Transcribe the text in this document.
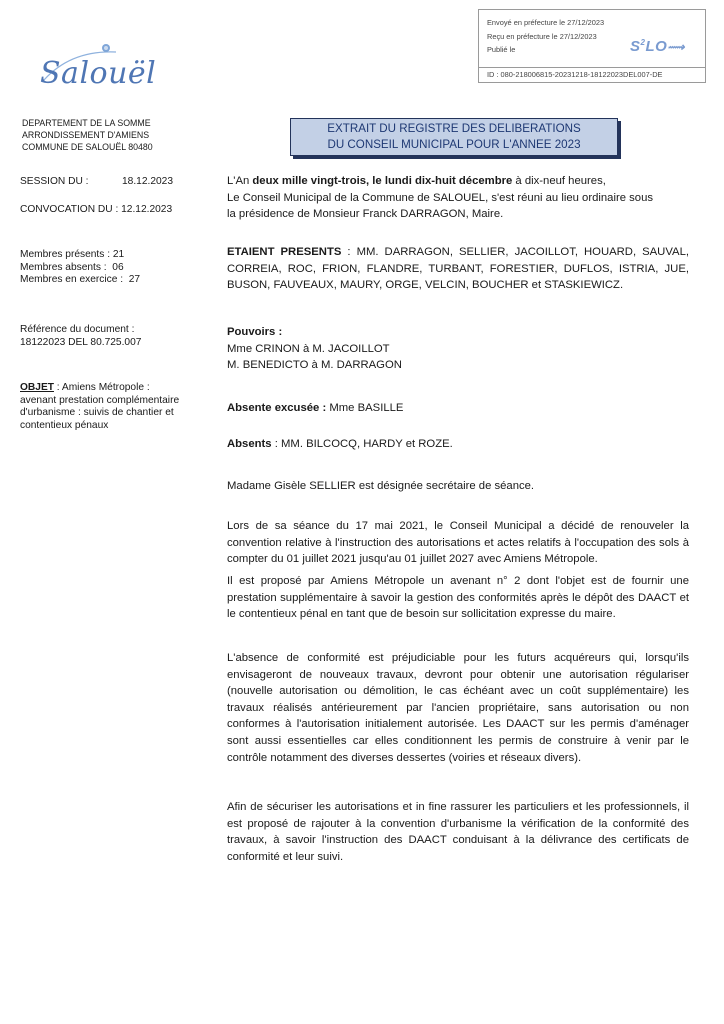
Envoyé en préfecture le 27/12/2023
Reçu en préfecture le 27/12/2023
Publié le
ID : 080-218006815-20231218-18122023DEL007-DE
$S^2LO⟿$
Salouël
DEPARTEMENT DE LA SOMME
ARRONDISSEMENT D'AMIENS
COMMUNE DE SALOUËL 80480
EXTRAIT DU REGISTRE DES DELIBERATIONS
DU CONSEIL MUNICIPAL POUR L'ANNEE 2023
SESSION DU :	18.12.2023
CONVOCATION DU : 12.12.2023
Membres présents : 21
Membres absents :  06
Membres en exercice :  27
Référence du document :
18122023 DEL 80.725.007
OBJET : Amiens Métropole : avenant prestation complémentaire d'urbanisme : suivis de chantier et contentieux pénaux
L'An deux mille vingt-trois, le lundi dix-huit décembre à dix-neuf heures,
Le Conseil Municipal de la Commune de SALOUEL, s'est réuni au lieu ordinaire sous
la présidence de Monsieur Franck DARRAGON, Maire.
ETAIENT PRESENTS : MM. DARRAGON, SELLIER, JACOILLOT, HOUARD, SAUVAL, CORREIA, ROC, FRION, FLANDRE, TURBANT, FORESTIER, DUFLOS, ISTRIA, JUE, BUSON, FAUVEAUX, MAURY, ORGE, VELCIN, BOUCHER et STASKIEWICZ.
Pouvoirs :
Mme CRINON à M. JACOILLOT
M. BENEDICTO à M. DARRAGON
Absente excusée : Mme BASILLE
Absents : MM. BILCOCQ, HARDY et ROZE.
Madame Gisèle SELLIER est désignée secrétaire de séance.
Lors de sa séance du 17 mai 2021, le Conseil Municipal a décidé de renouveler la convention relative à l'instruction des autorisations et actes relatifs à l'occupation des sols à compter du 01 juillet 2021 jusqu'au 01 juillet 2027 avec Amiens Métropole.
Il est proposé par Amiens Métropole un avenant n° 2 dont l'objet est de fournir une prestation supplémentaire à savoir la gestion des conformités après le dépôt des DAACT et le contentieux pénal en tant que de besoin sur sollicitation expresse du maire.
L'absence de conformité est préjudiciable pour les futurs acquéreurs qui, lorsqu'ils envisageront de nouveaux travaux, devront pour obtenir une autorisation régulariser (nouvelle autorisation ou démolition, le cas échéant avec un coût supplémentaire) les travaux réalisés antérieurement par l'ancien propriétaire, sans autorisation ou non conformes à l'autorisation initialement autorisée. Les DAACT sur les permis d'aménager sont aussi essentielles car elles conditionnent les permis de construire à venir par le contrôle notamment des diverses dessertes (voiries et réseaux divers).
Afin de sécuriser les autorisations et in fine rassurer les particuliers et les professionnels, il est proposé de rajouter à la convention d'urbanisme la vérification de la conformité des travaux, à savoir l'instruction des DAACT conduisant à la délivrance des certificats de conformité et leur suivi.
